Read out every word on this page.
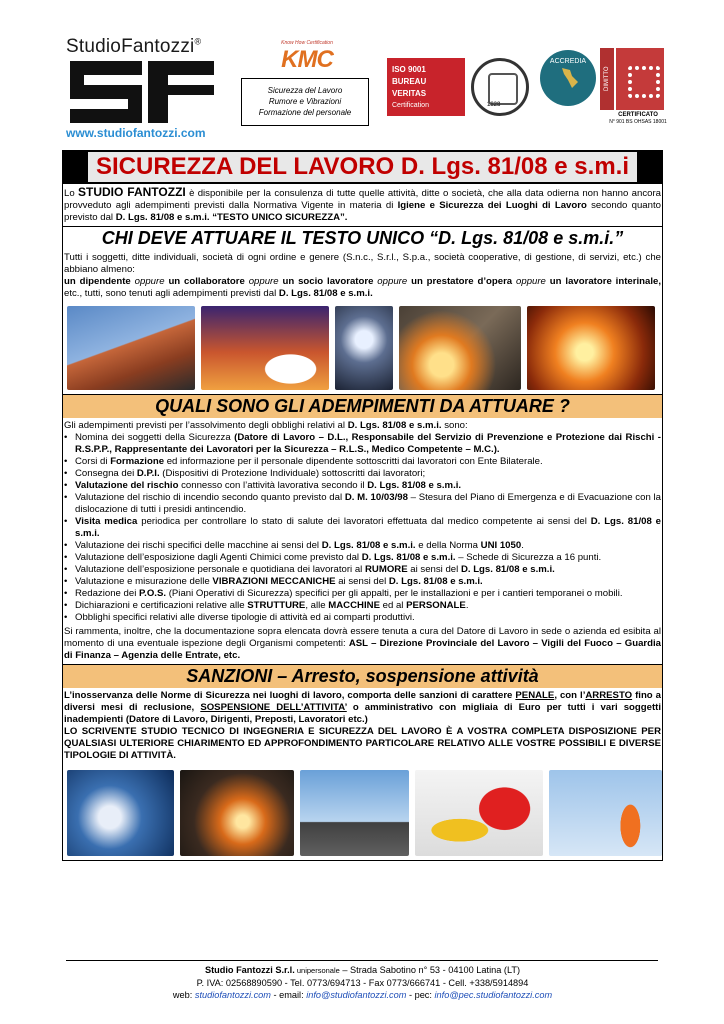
StudioFantozzi®
www.studiofantozzi.com
Know How Certification
KMC
Sicurezza del Lavoro
Rumore e Vibrazioni
Formazione del personale
ISO 9001
BUREAU VERITAS
Certification	1828
ACCREDIA
DIMITTO
CERTIFICATO
N° 901 BS OHSAS 18001
SICUREZZA DEL LAVORO D. Lgs. 81/08 e s.m.i

Lo STUDIO FANTOZZI è disponibile per la consulenza di tutte quelle attività, ditte o società, che alla data odierna non hanno ancora provveduto agli adempimenti previsti dalla Normativa Vigente in materia di Igiene e Sicurezza dei Luoghi di Lavoro secondo quanto previsto dal D. Lgs. 81/08 e s.m.i. “TESTO UNICO SICUREZZA”.

CHI DEVE ATTUARE IL TESTO UNICO “D. Lgs. 81/08 e s.m.i.”

Tutti i soggetti, ditte individuali, società di ogni ordine e genere (S.n.c., S.r.l., S.p.a., società cooperative, di gestione, di servizi, etc.) che abbiano almeno:
un dipendente oppure un collaboratore oppure un socio lavoratore oppure un prestatore d’opera oppure un lavoratore interinale, etc., tutti, sono tenuti agli adempimenti previsti dal D. Lgs. 81/08 e s.m.i.

QUALI SONO GLI ADEMPIMENTI DA ATTUARE ?

Gli adempimenti previsti per l’assolvimento degli obblighi relativi al D. Lgs. 81/08 e s.m.i. sono:

• Nomina dei soggetti della Sicurezza (Datore di Lavoro – D.L., Responsabile del Servizio di Prevenzione e Protezione dai Rischi - R.S.P.P., Rappresentante dei Lavoratori per la Sicurezza – R.L.S., Medico Competente – M.C.).
• Corsi di Formazione ed informazione per il personale dipendente sottoscritti dai lavoratori con Ente Bilaterale.
• Consegna dei D.P.I. (Dispositivi di Protezione Individuale) sottoscritti dai lavoratori;
• Valutazione del rischio connesso con l’attività lavorativa secondo il D. Lgs. 81/08 e s.m.i.
• Valutazione del rischio di incendio secondo quanto previsto dal D. M. 10/03/98 – Stesura del Piano di Emergenza e di Evacuazione con la dislocazione di tutti i presidi antincendio.
• Visita medica periodica per controllare lo stato di salute dei lavoratori effettuata dal medico competente ai sensi del D. Lgs. 81/08 e s.m.i.
• Valutazione dei rischi specifici delle macchine ai sensi del D. Lgs. 81/08 e s.m.i. e della Norma UNI 1050.
• Valutazione dell’esposizione dagli Agenti Chimici come previsto dal D. Lgs. 81/08 e s.m.i. – Schede di Sicurezza a 16 punti.
• Valutazione dell’esposizione personale e quotidiana dei lavoratori al RUMORE ai sensi del D. Lgs. 81/08 e s.m.i.
• Valutazione e misurazione delle VIBRAZIONI MECCANICHE ai sensi del D. Lgs. 81/08 e s.m.i.
• Redazione dei P.O.S. (Piani Operativi di Sicurezza) specifici per gli appalti, per le installazioni e per i cantieri temporanei o mobili.
• Dichiarazioni e certificazioni relative alle STRUTTURE, alle MACCHINE ed al PERSONALE.
• Obblighi specifici relativi alle diverse tipologie di attività ed ai comparti produttivi.

Si rammenta, inoltre, che la documentazione sopra elencata dovrà essere tenuta a cura del Datore di Lavoro in sede o azienda ed esibita al momento di una eventuale ispezione degli Organismi competenti: ASL – Direzione Provinciale del Lavoro – Vigili del Fuoco – Guardia di Finanza – Agenzia delle Entrate, etc.

SANZIONI – Arresto, sospensione attività

L’inosservanza delle Norme di Sicurezza nei luoghi di lavoro, comporta delle sanzioni di carattere PENALE, con l’ARRESTO fino a diversi mesi di reclusione, SOSPENSIONE DELL’ATTIVITA’ o amministrativo con migliaia di Euro per tutti i vari soggetti inadempienti (Datore di Lavoro, Dirigenti, Preposti, Lavoratori etc.)
LO SCRIVENTE STUDIO TECNICO DI INGEGNERIA E SICUREZZA DEL LAVORO È A VOSTRA COMPLETA DISPOSIZIONE PER QUALSIASI ULTERIORE CHIARIMENTO ED APPROFONDIMENTO PARTICOLARE RELATIVO ALLE VOSTRE POSSIBILI E DIVERSE TIPOLOGIE DI ATTIVITÀ.

Studio Fantozzi S.r.l. unipersonale – Strada Sabotino n° 53 - 04100 Latina (LT)
P. IVA: 02568890590 - Tel. 0773/694713 - Fax 0773/666741 - Cell. +338/5914894
web: studiofantozzi.com - email: info@studiofantozzi.com - pec: info@pec.studiofantozzi.com
